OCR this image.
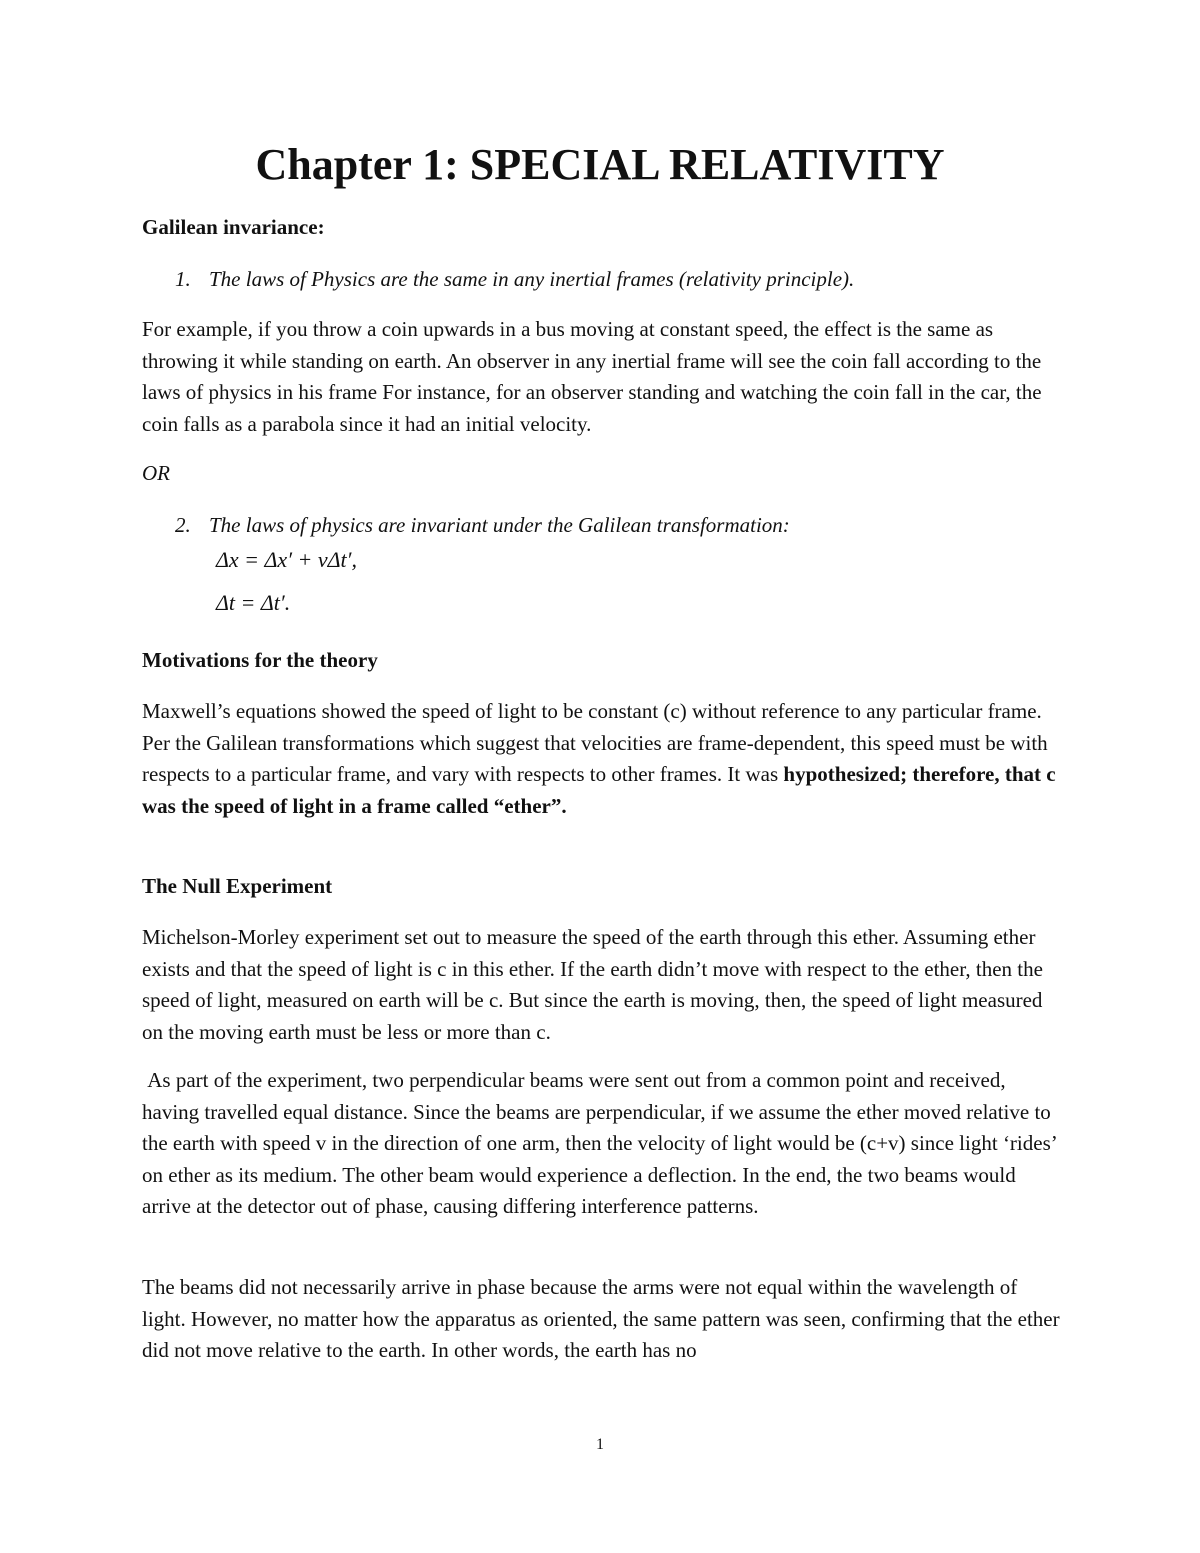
Chapter 1: SPECIAL RELATIVITY

Galilean invariance:

1. The laws of Physics are the same in any inertial frames (relativity principle).

For example, if you throw a coin upwards in a bus moving at constant speed, the effect is the same as throwing it while standing on earth. An observer in any inertial frame will see the coin fall according to the laws of physics in his frame For instance, for an observer standing and watching the coin fall in the car, the coin falls as a parabola since it had an initial velocity.

OR

2. The laws of physics are invariant under the Galilean transformation:

Δx = Δx′ + vΔt′,
Δt = Δt′.

Motivations for the theory

Maxwell’s equations showed the speed of light to be constant (c) without reference to any particular frame. Per the Galilean transformations which suggest that velocities are frame-dependent, this speed must be with respects to a particular frame, and vary with respects to other frames. It was hypothesized; therefore, that c was the speed of light in a frame called “ether”.

The Null Experiment

Michelson-Morley experiment set out to measure the speed of the earth through this ether. Assuming ether exists and that the speed of light is c in this ether. If the earth didn’t move with respect to the ether, then the speed of light, measured on earth will be c. But since the earth is moving, then, the speed of light measured on the moving earth must be less or more than c.

As part of the experiment, two perpendicular beams were sent out from a common point and received, having travelled equal distance. Since the beams are perpendicular, if we assume the ether moved relative to the earth with speed v in the direction of one arm, then the velocity of light would be (c+v) since light ‘rides’ on ether as its medium. The other beam would experience a deflection. In the end, the two beams would arrive at the detector out of phase, causing differing interference patterns.

The beams did not necessarily arrive in phase because the arms were not equal within the wavelength of light. However, no matter how the apparatus as oriented, the same pattern was seen, confirming that the ether did not move relative to the earth. In other words, the earth has no

1
